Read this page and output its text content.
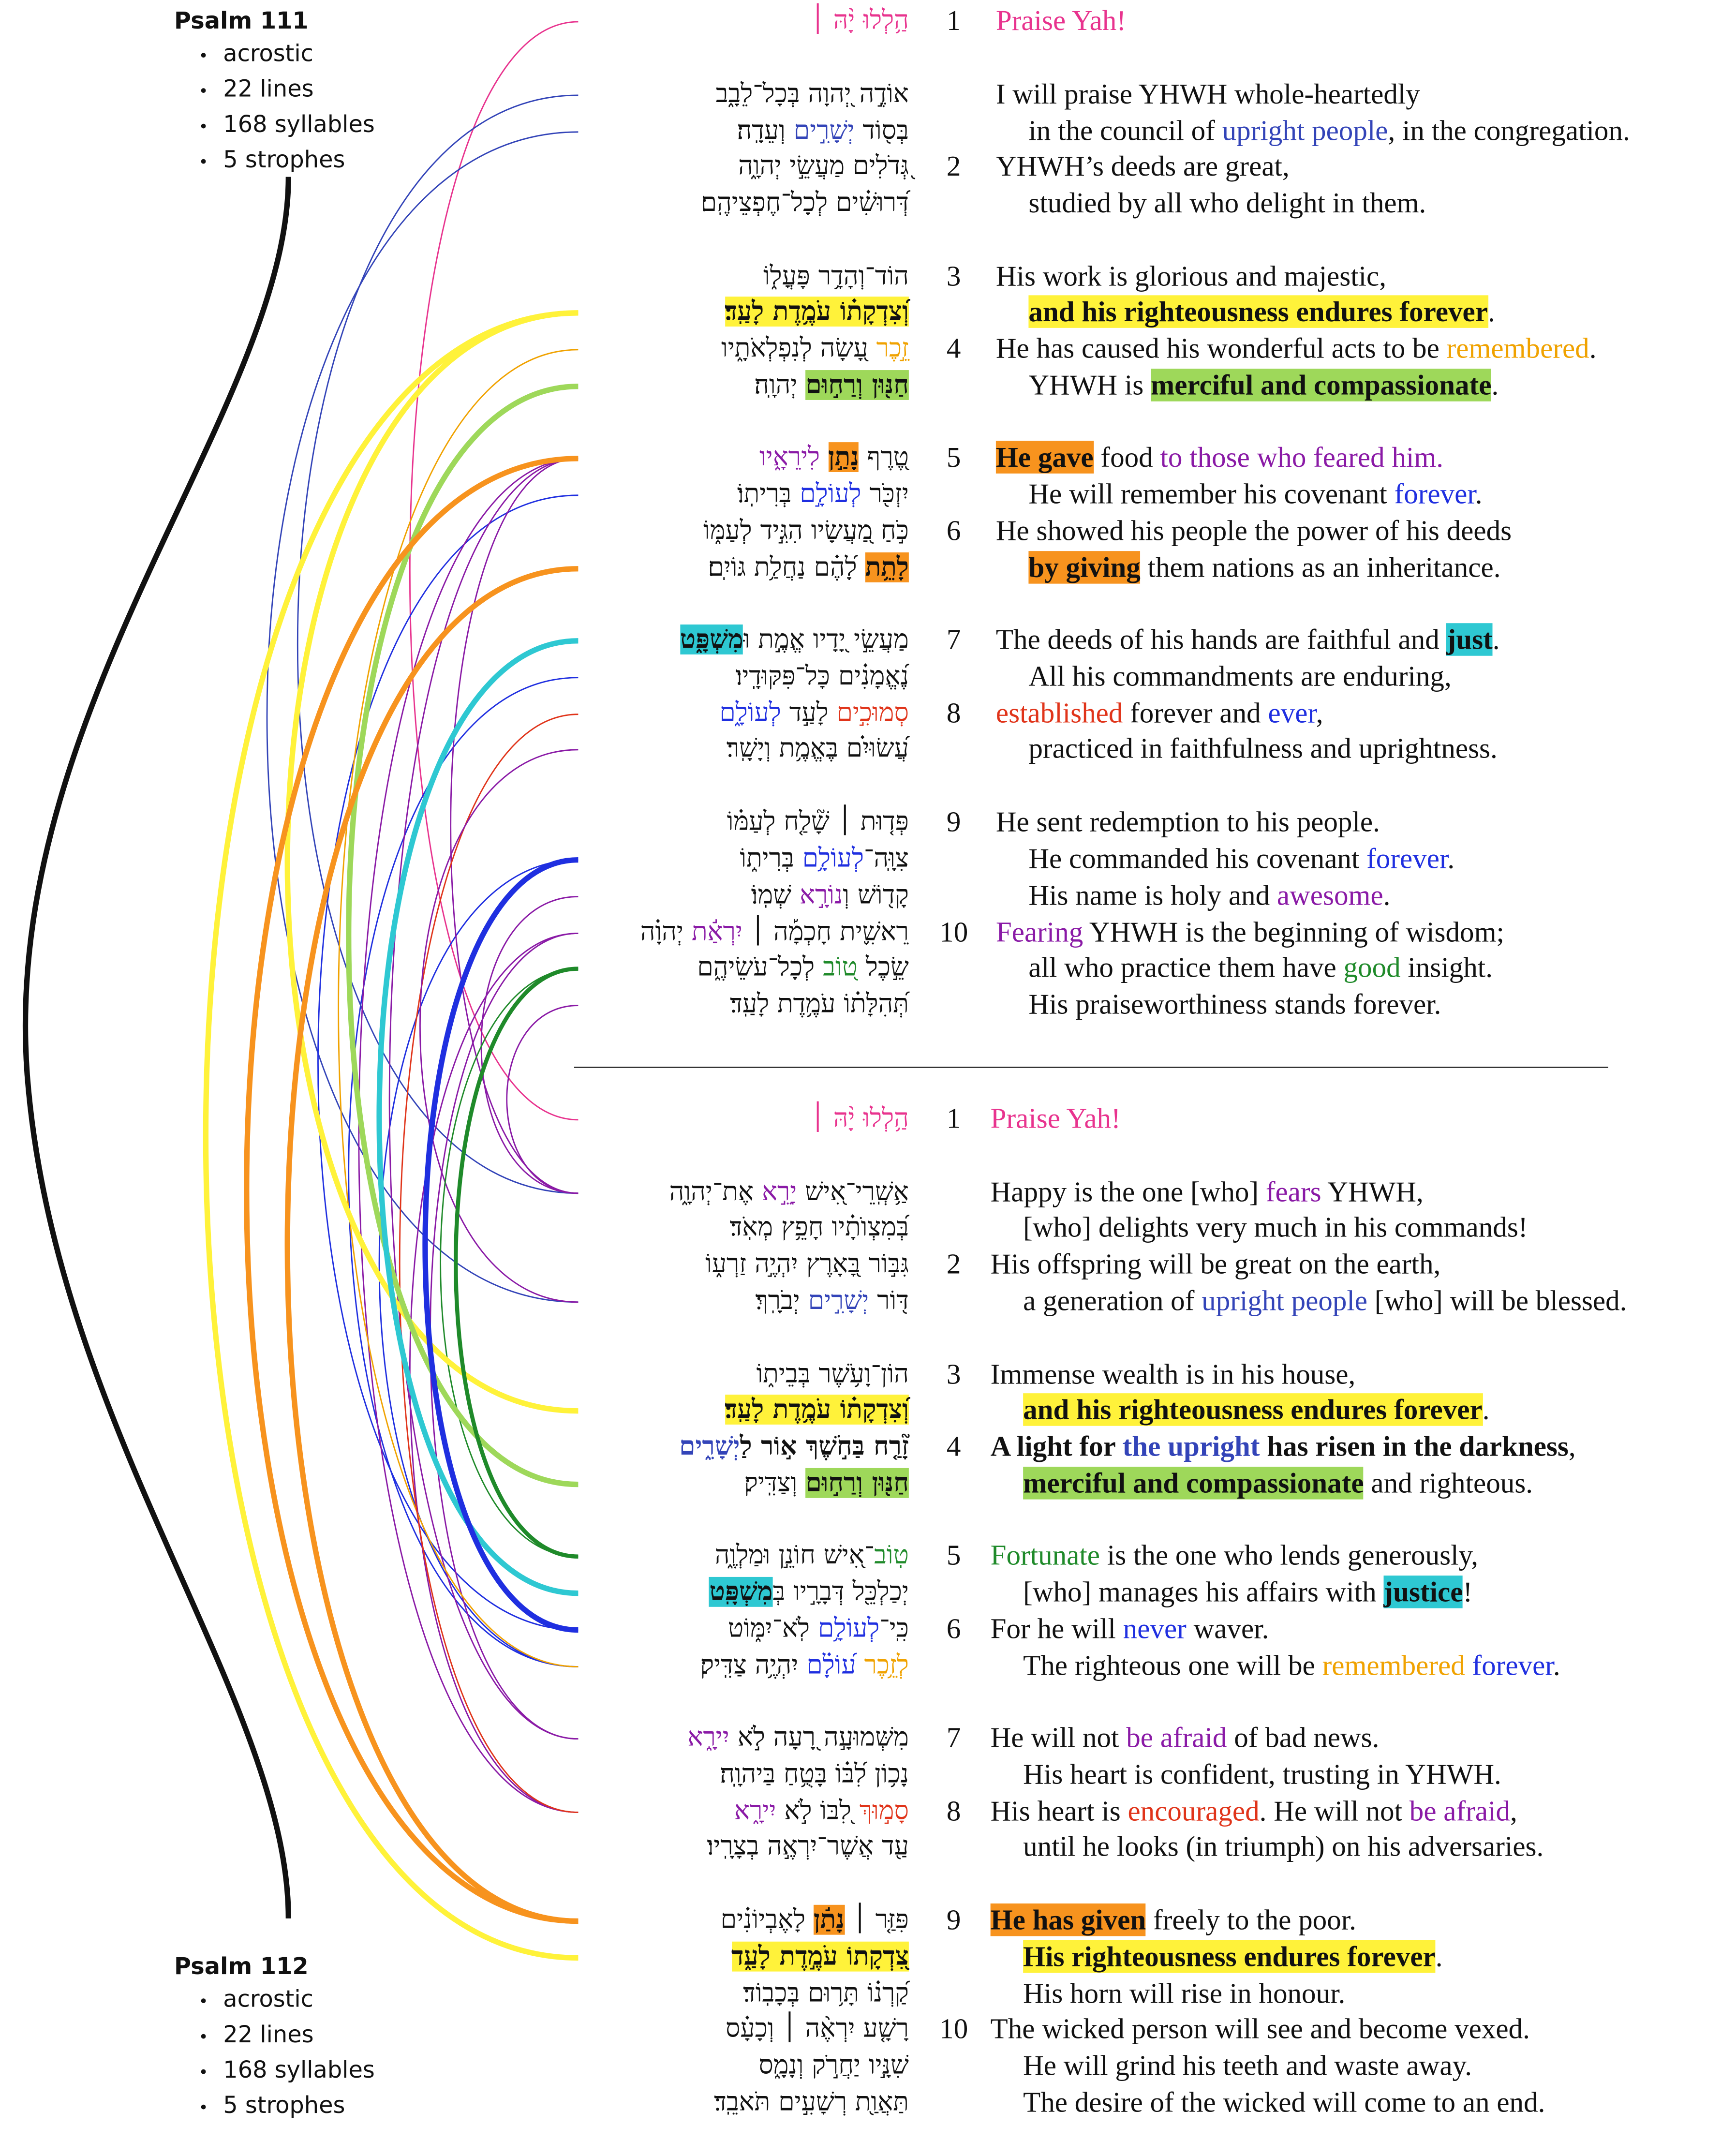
Psalm 111
• acrostic
• 22 lines
• 168 syllables
• 5 strophes
Psalm 112
• acrostic
• 22 lines
• 168 syllables
• 5 strophes
הַ֥לְלוּ יָ֨הּ ׀	1	Praise Yah!
אוֹדֶ֣ה יְ֭הוָה בְּכָל־לֵבָ֑ב	I will praise YHWH whole-heartedly
בְּס֖וֹד יְשָׁרִ֣ים וְעֵדָֽה׃	in the council of upright people, in the congregation.
גְּ֭דֹלִים מַעֲשֵׂ֣י יְהוָ֑ה	2	YHWH’s deeds are great,
דְּ֝רוּשִׁ֗ים לְכָל־חֶפְצֵיהֶֽם׃	studied by all who delight in them.
הוֹד־וְהָדָ֥ר פָּעֳל֑וֹ	3	His work is glorious and majestic,
וְ֝צִדְקָת֗וֹ עֹמֶ֥דֶת לָעַֽד׃	and his righteousness endures forever.
זֵ֣כֶר עָ֭שָׂה לְנִפְלְאֹתָ֑יו	4	He has caused his wonderful acts to be remembered.
חַנּ֖וּן וְרַח֣וּם יְהוָֽה׃	YHWH is merciful and compassionate.
טֶ֭רֶף נָתַ֣ן לִירֵאָ֑יו	5	He gave food to those who feared him.
יִזְכֹּ֖ר לְעוֹלָ֣ם בְּרִיתֽוֹ׃	He will remember his covenant forever.
כֹּ֣חַ מַ֭עֲשָׂיו הִגִּ֣יד לְעַמּ֑וֹ	6	He showed his people the power of his deeds
לָתֵ֥ת לָ֝הֶ֗ם נַחֲלַ֥ת גּוֹיִֽם׃	by giving them nations as an inheritance.
מַעֲשֵׂ֣י יָ֭דָיו אֱמֶ֣ת וּמִשְׁפָּ֑ט	7	The deeds of his hands are faithful and just.
נֶ֝אֱמָנִ֗ים כָּל־פִּקּוּדָֽיו׃	All his commandments are enduring,
סְמוּכִ֣ים לָעַ֣ד לְעוֹלָ֑ם	8	established forever and ever,
עֲ֝שׂוּיִ֗ם בֶּאֱמֶ֥ת וְיָשָֽׁר׃	practiced in faithfulness and uprightness.
פְּד֤וּת ׀ שָׁ֘לַ֤ח לְעַמּ֗וֹ	9	He sent redemption to his people.
צִוָּֽה־לְעוֹלָ֥ם בְּרִית֑וֹ	He commanded his covenant forever.
קָד֖וֹשׁ וְנוֹרָ֣א שְׁמֽוֹ׃	His name is holy and awesome.
רֵאשִׁ֪ית חָכְמָ֡ה ׀ יִרְאַ֬ת יְהוָ֗ה	10	Fearing YHWH is the beginning of wisdom;
שֵׂ֣כֶל ט֭וֹב לְכָל־עֹשֵׂיהֶ֑ם	all who practice them have good insight.
תְּ֝הִלָּת֗וֹ עֹמֶ֥דֶת לָעַֽד׃	His praiseworthiness stands forever.
הַ֥לְלוּ יָ֨הּ ׀	1	Praise Yah!
אַ֥שְֽׁרֵי־אִ֭ישׁ יָרֵ֣א אֶת־יְהוָ֑ה	Happy is the one [who] fears YHWH,
בְּ֝מִצְוֺתָ֗יו חָפֵ֥ץ מְאֹֽד׃	[who] delights very much in his commands!
גִּבּ֣וֹר בָּ֭אָרֶץ יִהְיֶ֣ה זַרְע֑וֹ	2	His offspring will be great on the earth,
דּ֖וֹר יְשָׁרִ֣ים יְבֹרָֽךְ׃	a generation of upright people [who] will be blessed.
הוֹן־וָעֹ֥שֶׁר בְּבֵית֑וֹ	3	Immense wealth is in his house,
וְ֝צִדְקָת֗וֹ עֹמֶ֥דֶת לָעַֽד׃	and his righteousness endures forever.
זָ֘רַ֤ח בַּחֹ֣שֶׁךְ א֣וֹר לַיְשָׁרִ֑ים	4	A light for the upright has risen in the darkness,
חַנּ֖וּן וְרַח֣וּם וְצַדִּֽיק׃	merciful and compassionate and righteous.
טֽוֹב־אִ֭ישׁ חוֹנֵ֣ן וּמַלְוֶ֑ה	5	Fortunate is the one who lends generously,
יְכַלְכֵּ֖ל דְּבָרָ֣יו בְּמִשְׁפָּֽט	[who] manages his affairs with justice!
כִּֽי־לְעוֹלָ֥ם לֹֽא־יִמּ֑וֹט	6	For he will never waver.
לְזֵ֥כֶר ע֝וֹלָ֗ם יִהְיֶ֥ה צַדִּֽיק׃	The righteous one will be remembered forever.
מִשְּׁמוּעָ֣ה רָ֭עָה לֹ֣א יִירָ֑א	7	He will not be afraid of bad news.
נָכ֥וֹן לִ֝בּ֗וֹ בָּטֻ֥חַ בַּיהוָֽה׃	His heart is confident, trusting in YHWH.
סָמ֣וּךְ לִ֭בּוֹ לֹ֣א יִירָ֑א	8	His heart is encouraged. He will not be afraid,
עַ֖ד אֲשֶׁר־יִרְאֶ֣ה בְצָרָֽיו׃	until he looks (in triumph) on his adversaries.
פִּזַּ֤ר ׀ נָתַ֬ן לָאֶבְיוֹנִ֗ים	9	He has given freely to the poor.
צִ֭דְקָתוֹ עֹמֶ֣דֶת לָעַ֑ד	His righteousness endures forever.
קַ֝רְנ֗וֹ תָּר֥וּם בְּכָבֽוֹד׃	His horn will rise in honour.
רָשָׁ֤ע יִרְאֶ֨ה ׀ וְכָעָ֗ס	10	The wicked person will see and become vexed.
שִׁנָּ֣יו יַחֲרֹ֣ק וְנָמָ֑ס	He will grind his teeth and waste away.
תַּאֲוַ֖ת רְשָׁעִ֣ים תֹּאבֵֽד׃	The desire of the wicked will come to an end.
